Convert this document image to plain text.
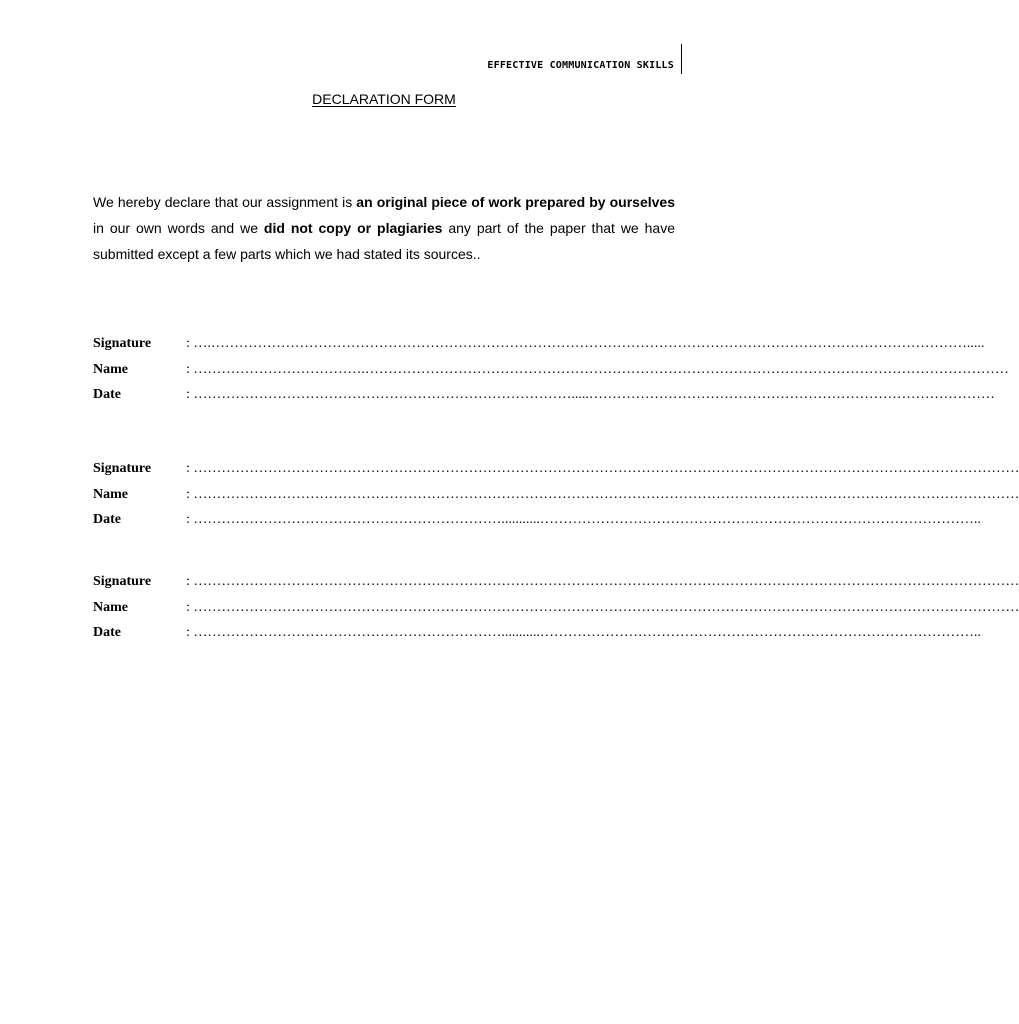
EFFECTIVE COMMUNICATION SKILLS
DECLARATION FORM
We hereby declare that our assignment is an original piece of work prepared by ourselves in our own words and we did not copy or plagiaries any part of the paper that we have submitted except a few parts which we had stated its sources..
Signature : ….……………………………………………………………………………………………………………………………………………….....
Name	: ……………………………….…………………………………………………………………………………………………………………………
Date	: ……………………………………………………………………….....……………………………………………………………………………
Signature : ……………………………………………………………………………………………………………………………………………………………
Name	: ……………………………………………………………………………………………………………………………………………………………
Date	: …………………………………………………………...........…………………………………………………………………………………..
Signature : ……………………………………………………………………………………………………………………………………………………………
Name	: ……………………………………………………………………………………………………………………………………………………………
Date	: …………………………………………………………...........…………………………………………………………………………………..
